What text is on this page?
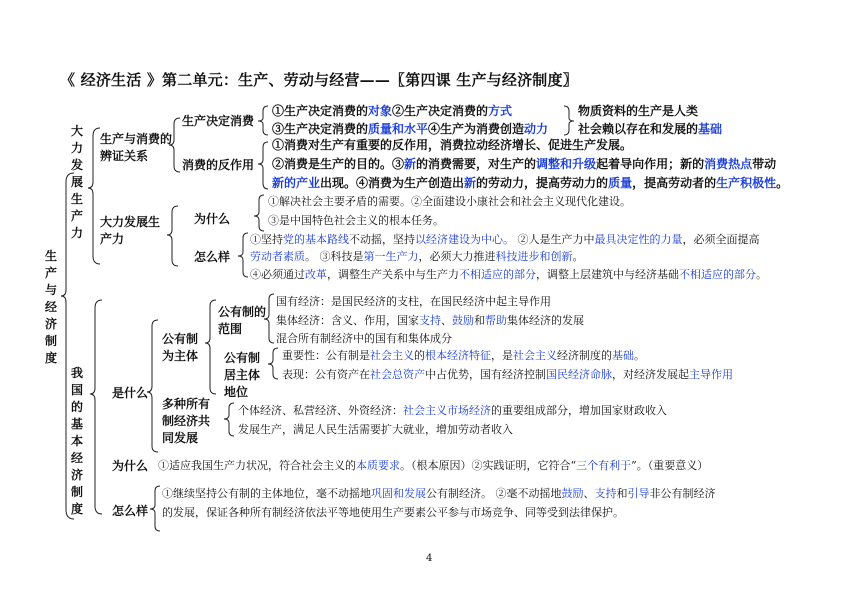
《 经济生活 》第二单元：生产、劳动与经营——〖第四课 生产与经济制度〗
生产与经济制度
大力发展生产力
生产与消费的辨证关系
生产决定消费
①生产决定消费的对象②生产决定消费的方式
③生产决定消费的质量和水平④生产为消费创造动力
物质资料的生产是人类
社会赖以存在和发展的基础
消费的反作用
①消费对生产有重要的反作用，消费拉动经济增长、促进生产发展。
②消费是生产的目的。③新的消费需要，对生产的调整和升级起着导向作用；新的消费热点带动
新的产业出现。④消费为生产创造出新的劳动力，提高劳动力的质量，提高劳动者的生产积极性。
大力发展生产力
为什么
①解决社会主要矛盾的需要。②全面建设小康社会和社会主义现代化建设。
③是中国特色社会主义的根本任务。
怎么样
①坚持党的基本路线不动摇，坚持以经济建设为中心。 ②人是生产力中最具决定性的力量，必须全面提高
劳动者素质。 ③科技是第一生产力，必须大力推进科技进步和创新。
④必须通过改革，调整生产关系中与生产力不相适应的部分，调整上层建筑中与经济基础不相适应的部分。
我国的基本经济制度
是什么
公有制为主体
公有制的范围
国有经济：是国民经济的支柱，在国民经济中起主导作用
集体经济：含义、作用，国家支持、鼓励和帮助集体经济的发展
混合所有制经济中的国有和集体成分
公有制居主体地位
重要性：公有制是社会主义的根本经济特征，是社会主义经济制度的基础。
表现：公有资产在社会总资产中占优势，国有经济控制国民经济命脉，对经济发展起主导作用
多种所有制经济共同发展
个体经济、私营经济、外资经济：社会主义市场经济的重要组成部分，增加国家财政收入
发展生产，满足人民生活需要扩大就业，增加劳动者收入
为什么 ①适应我国生产力状况，符合社会主义的本质要求。（根本原因）②实践证明，它符合“三个有利于”。（重要意义）
怎么样
①继续坚持公有制的主体地位，毫不动摇地巩固和发展公有制经济。 ②毫不动摇地鼓励、支持和引导非公有制经济
的发展，保证各种所有制经济依法平等地使用生产要素公平参与市场竞争、同等受到法律保护。
4
